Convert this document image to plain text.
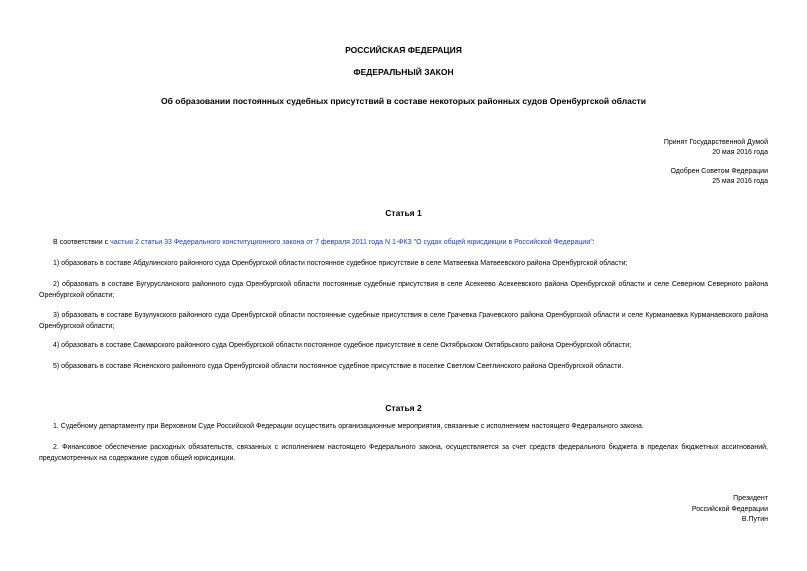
РОССИЙСКАЯ ФЕДЕРАЦИЯ
ФЕДЕРАЛЬНЫЙ ЗАКОН
Об образовании постоянных судебных присутствий в составе некоторых районных судов Оренбургской области
Принят Государственной Думой
20 мая 2016 года
Одобрен Советом Федерации
25 мая 2016 года
Статья 1
В соответствии с частью 2 статьи 33 Федерального конституционного закона от 7 февраля 2011 года N 1-ФКЗ "О судах общей юрисдикции в Российской Федерации":
1) образовать в составе Абдулинского районного суда Оренбургской области постоянное судебное присутствие в селе Матвеевка Матвеевского района Оренбургской области;
2) образовать в составе Бугурусланского районного суда Оренбургской области постоянные судебные присутствия в селе Асекеево Асекеевского района Оренбургской области и селе Северном Северного района Оренбургской области;
3) образовать в составе Бузулукского районного суда Оренбургской области постоянные судебные присутствия в селе Грачевка Грачевского района Оренбургской области и селе Курманаевка Курманаевского района Оренбургской области;
4) образовать в составе Сакмарского районного суда Оренбургской области постоянное судебное присутствие в селе Октябрьском Октябрьского района Оренбургской области;
5) образовать в составе Ясненского районного суда Оренбургской области постоянное судебное присутствие в поселке Светлом Светлинского района Оренбургской области.
Статья 2
1. Судебному департаменту при Верховном Суде Российской Федерации осуществить организационные мероприятия, связанные с исполнением настоящего Федерального закона.
2. Финансовое обеспечение расходных обязательств, связанных с исполнением настоящего Федерального закона, осуществляется за счет средств федерального бюджета в пределах бюджетных ассигнований, предусмотренных на содержание судов общей юрисдикции.
Президент
Российской Федерации
В.Путин
